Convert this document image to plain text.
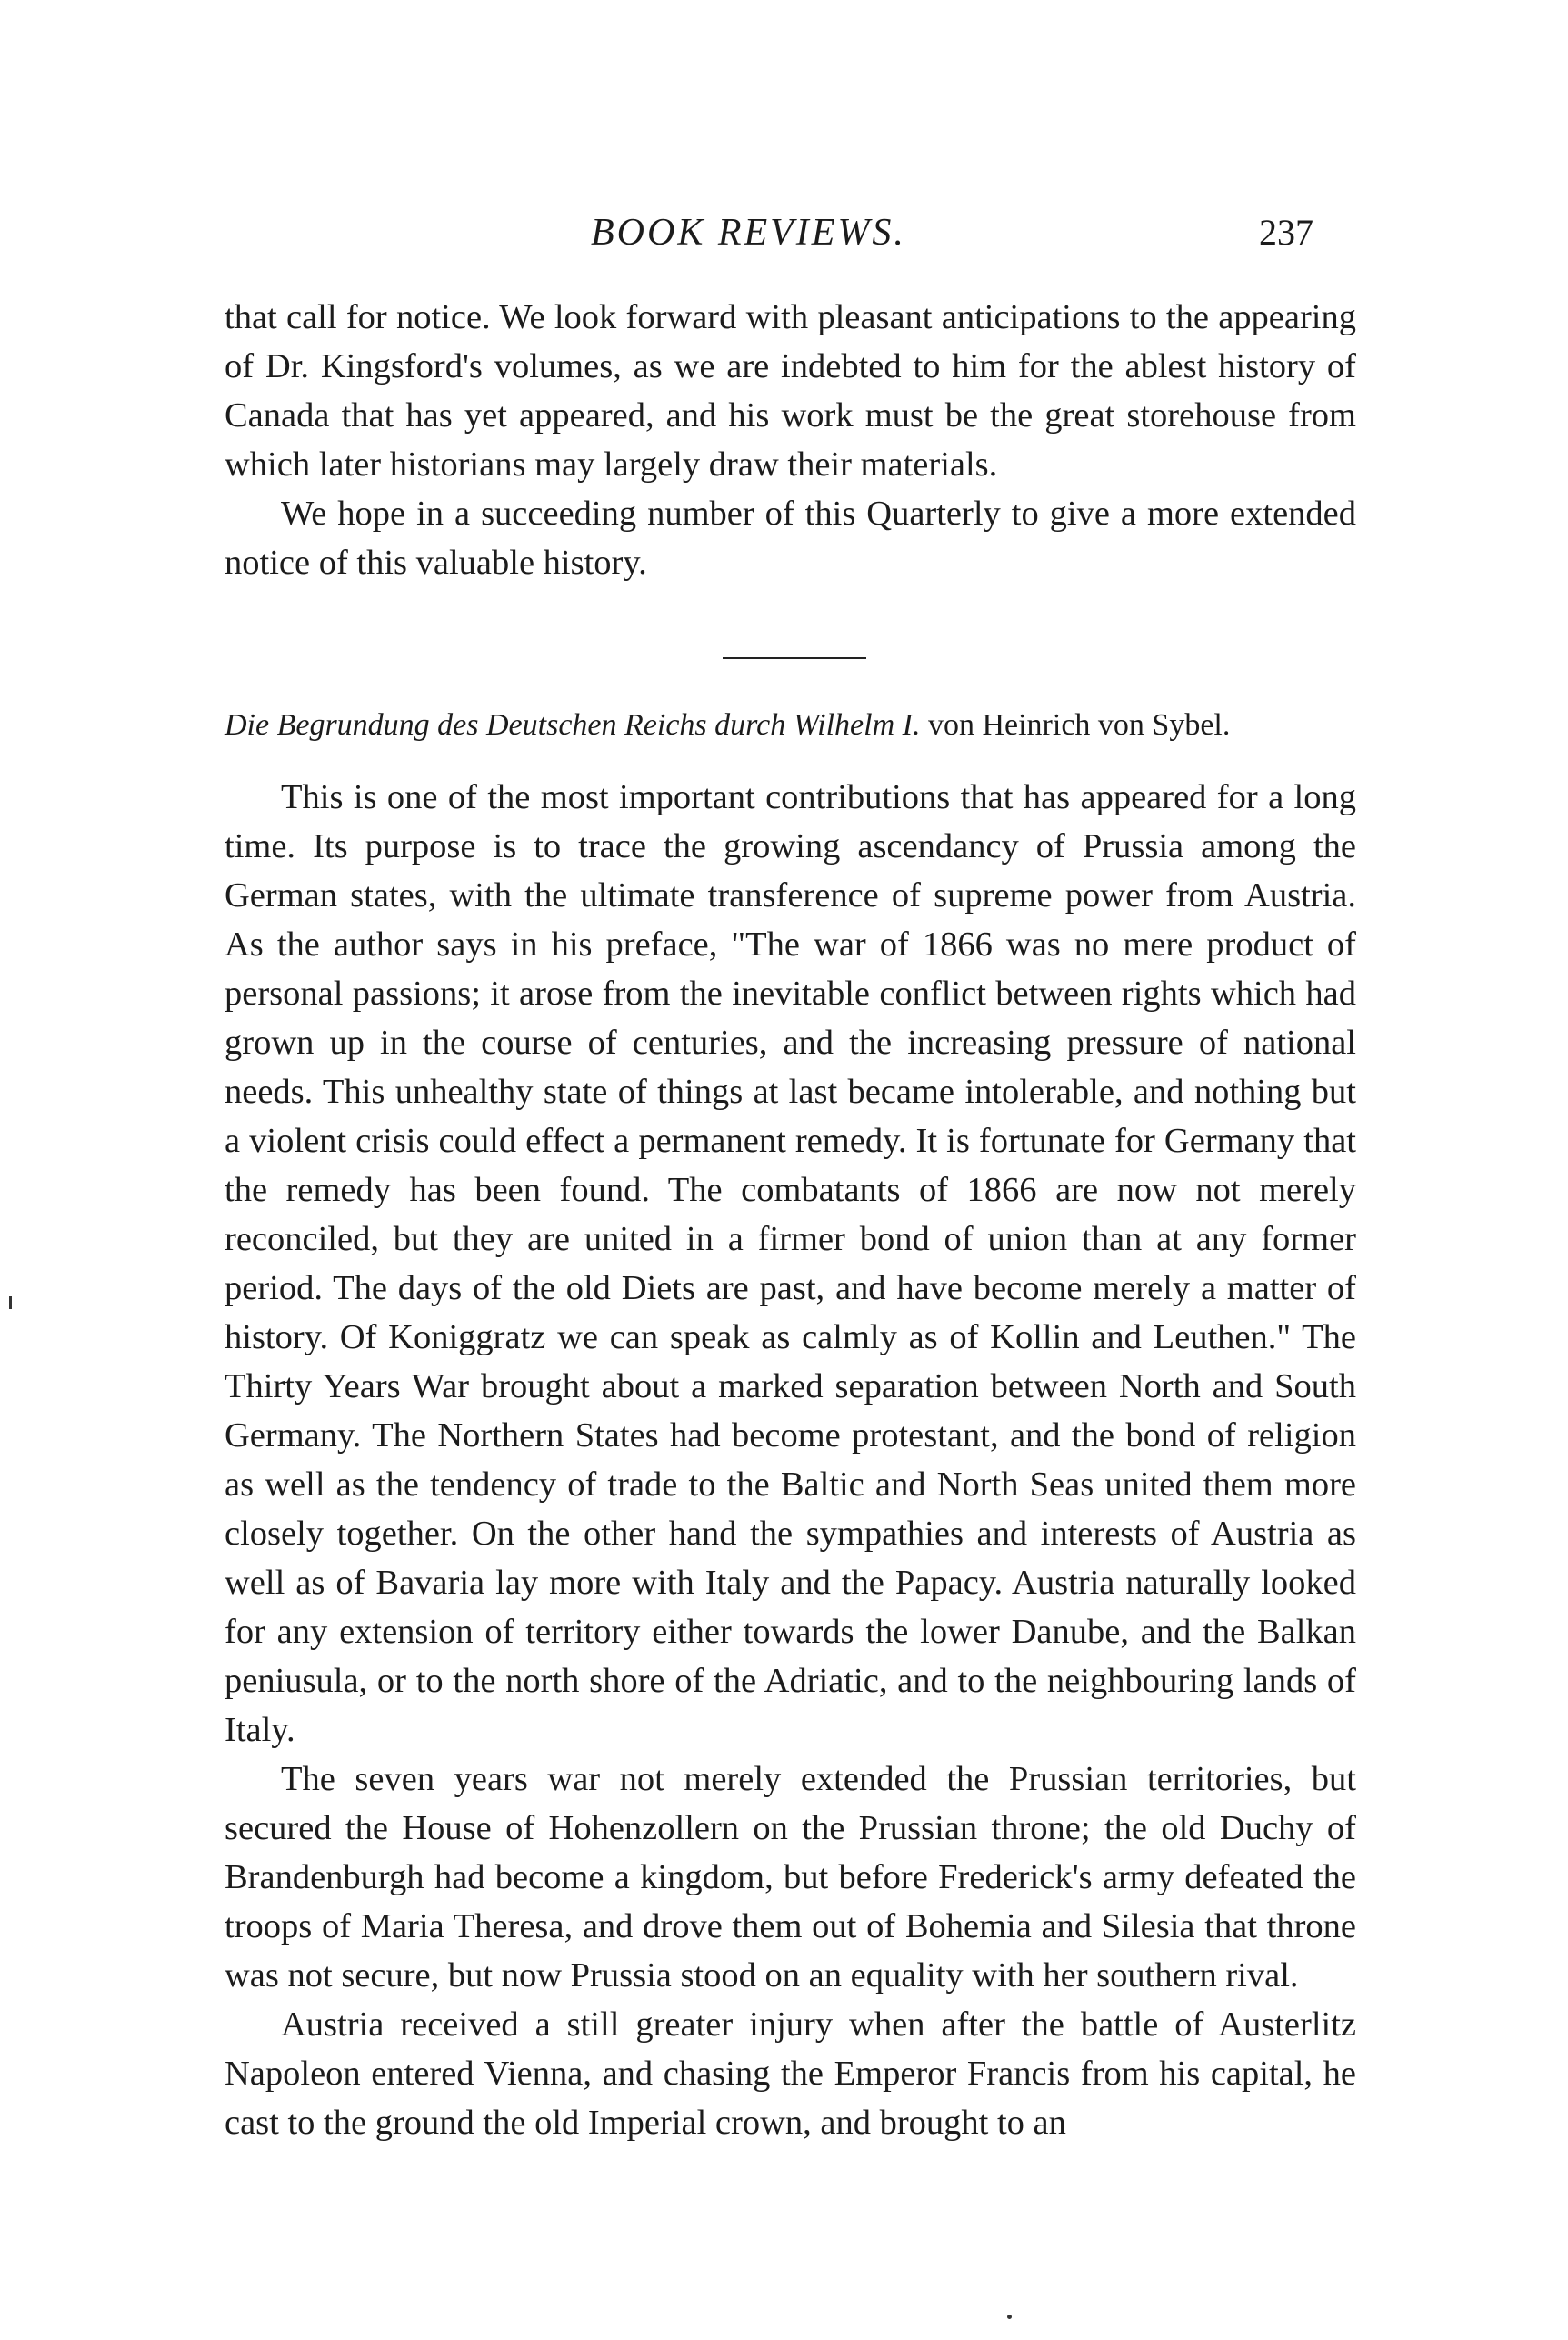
BOOK REVIEWS.	237

that call for notice. We look forward with pleasant anticipations to the appearing of Dr. Kingsford's volumes, as we are indebted to him for the ablest history of Canada that has yet appeared, and his work must be the great storehouse from which later historians may largely draw their materials.

We hope in a succeeding number of this Quarterly to give a more extended notice of this valuable history.

Die Begrundung des Deutschen Reichs durch Wilhelm I. von Heinrich von Sybel.

This is one of the most important contributions that has appeared for a long time. Its purpose is to trace the growing ascendancy of Prussia among the German states, with the ultimate transference of supreme power from Austria. As the author says in his preface, "The war of 1866 was no mere product of personal passions; it arose from the inevitable conflict between rights which had grown up in the course of centuries, and the increasing pressure of national needs. This unhealthy state of things at last became intolerable, and nothing but a violent crisis could effect a permanent remedy. It is fortunate for Germany that the remedy has been found. The combatants of 1866 are now not merely reconciled, but they are united in a firmer bond of union than at any former period. The days of the old Diets are past, and have become merely a matter of history. Of Koniggratz we can speak as calmly as of Kollin and Leuthen." The Thirty Years War brought about a marked separation between North and South Germany. The Northern States had become protestant, and the bond of religion as well as the tendency of trade to the Baltic and North Seas united them more closely together. On the other hand the sympathies and interests of Austria as well as of Bavaria lay more with Italy and the Papacy. Austria naturally looked for any extension of territory either towards the lower Danube, and the Balkan peniusula, or to the north shore of the Adriatic, and to the neighbouring lands of Italy.

The seven years war not merely extended the Prussian territories, but secured the House of Hohenzollern on the Prussian throne; the old Duchy of Brandenburgh had become a kingdom, but before Frederick's army defeated the troops of Maria Theresa, and drove them out of Bohemia and Silesia that throne was not secure, but now Prussia stood on an equality with her southern rival.

Austria received a still greater injury when after the battle of Austerlitz Napoleon entered Vienna, and chasing the Emperor Francis from his capital, he cast to the ground the old Imperial crown, and brought to an
